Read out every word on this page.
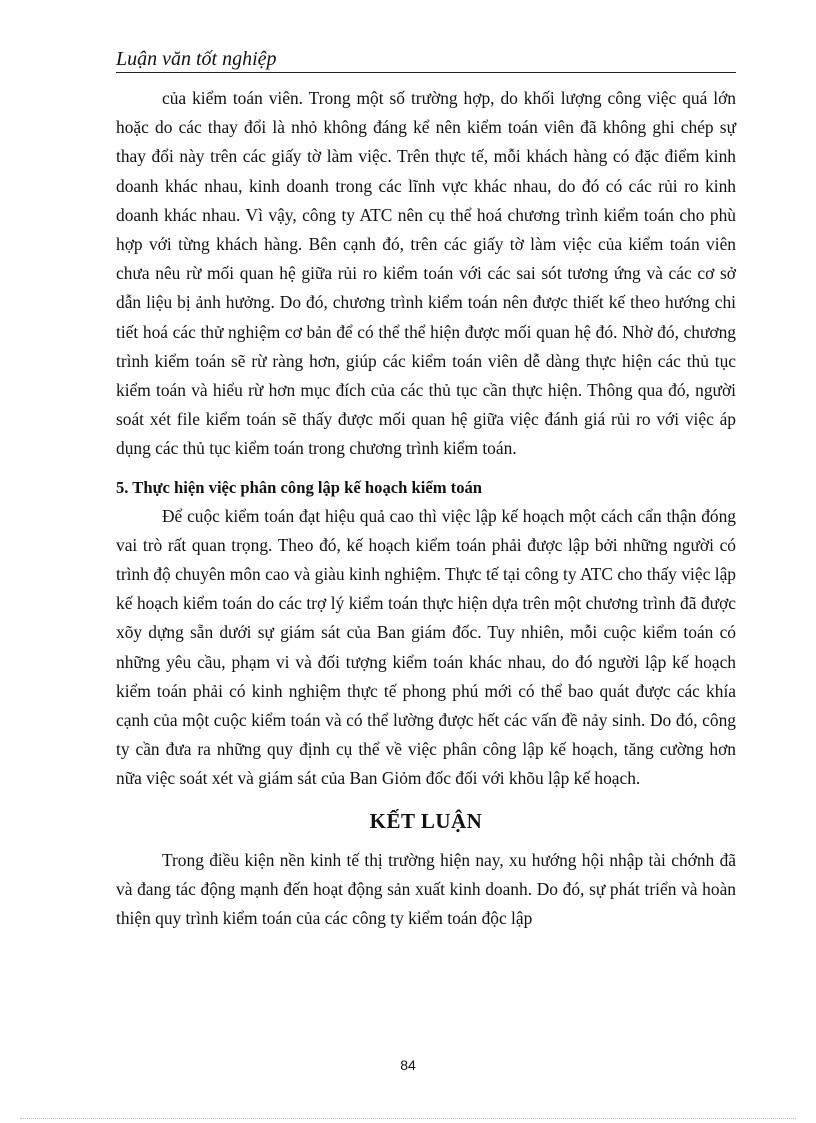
Luận văn tốt nghiệp

của kiểm toán viên. Trong một số trường hợp, do khối lượng công việc quá lớn hoặc do các thay đổi là nhỏ không đáng kể nên kiểm toán viên đã không ghi chép sự thay đổi này trên các giấy tờ làm việc. Trên thực tế, mỗi khách hàng có đặc điểm kinh doanh khác nhau, kinh doanh trong các lĩnh vực khác nhau, do đó có các rủi ro kinh doanh khác nhau. Vì vậy, công ty ATC nên cụ thể hoá chương trình kiểm toán cho phù hợp với từng khách hàng. Bên cạnh đó, trên các giấy tờ làm việc của kiểm toán viên chưa nêu rừ mối quan hệ giữa rủi ro kiểm toán với các sai sót tương ứng và các cơ sở dẫn liệu bị ảnh hưởng. Do đó, chương trình kiểm toán nên được thiết kế theo hướng chi tiết hoá các thử nghiệm cơ bản để có thể thể hiện được mối quan hệ đó. Nhờ đó, chương trình kiểm toán sẽ rừ ràng hơn, giúp các kiểm toán viên dễ dàng thực hiện các thủ tục kiểm toán và hiểu rừ hơn mục đích của các thủ tục cần thực hiện. Thông qua đó, người soát xét file kiểm toán sẽ thấy được mối quan hệ giữa việc đánh giá rủi ro với việc áp dụng các thủ tục kiểm toán trong chương trình kiểm toán.

5. Thực hiện việc phân công lập kế hoạch kiểm toán

Để cuộc kiểm toán đạt hiệu quả cao thì việc lập kế hoạch một cách cẩn thận đóng vai trò rất quan trọng. Theo đó, kế hoạch kiểm toán phải được lập bởi những người có trình độ chuyên môn cao và giàu kinh nghiệm. Thực tế tại công ty ATC cho thấy việc lập kế hoạch kiểm toán do các trợ lý kiểm toán thực hiện dựa trên một chương trình đã được xõy dựng sẵn dưới sự giám sát của Ban giám đốc. Tuy nhiên, mỗi cuộc kiểm toán có những yêu cầu, phạm vi và đối tượng kiểm toán khác nhau, do đó người lập kế hoạch kiểm toán phải có kinh nghiệm thực tế phong phú mới có thể bao quát được các khía cạnh của một cuộc kiểm toán và có thể lường được hết các vấn đề nảy sinh. Do đó, công ty cần đưa ra những quy định cụ thể về việc phân công lập kế hoạch, tăng cường hơn nữa việc soát xét và giám sát của Ban Giỏm đốc đối với khõu lập kế hoạch.

KẾT LUẬN

Trong điều kiện nền kinh tế thị trường hiện nay, xu hướng hội nhập tài chớnh đã và đang tác động mạnh đến hoạt động sản xuất kinh doanh. Do đó, sự phát triển và hoàn thiện quy trình kiểm toán của các công ty kiểm toán độc lập

84
